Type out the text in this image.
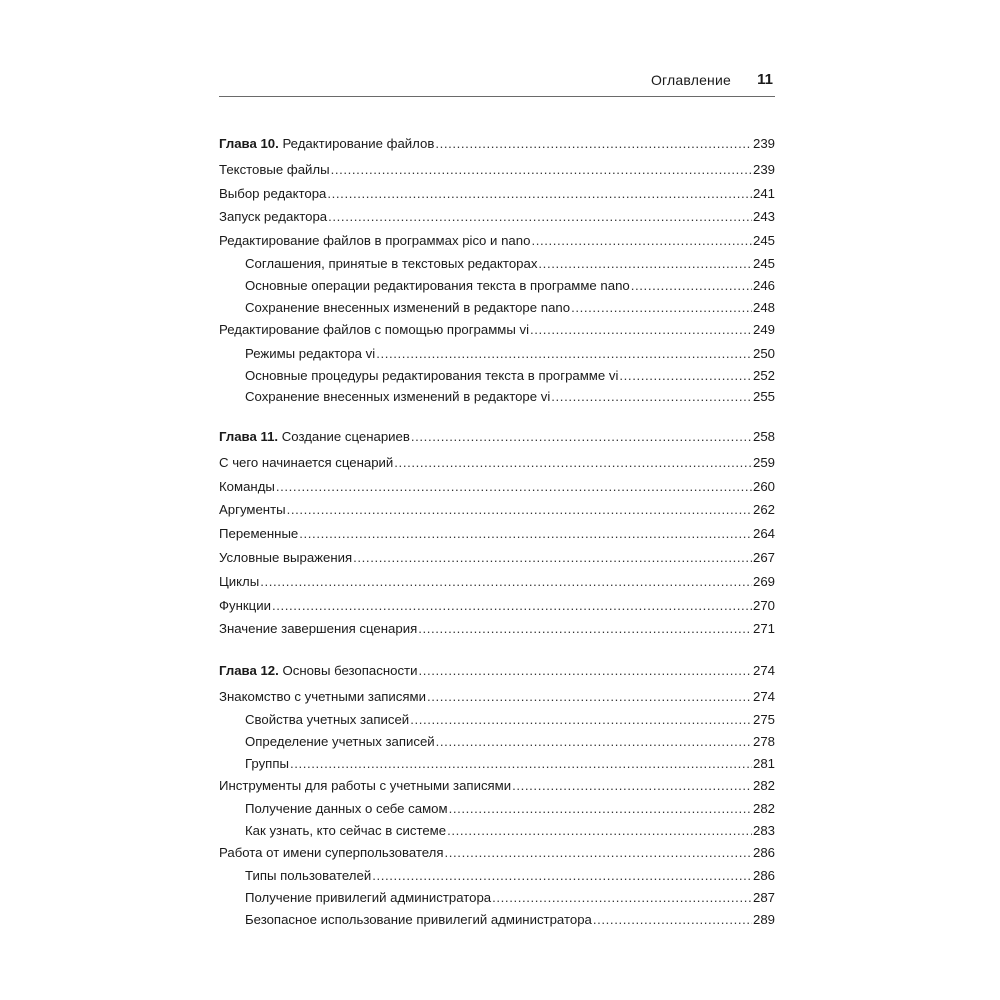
Оглавление 11
Глава 10. Редактирование файлов .....	239
Текстовые файлы .....	239
Выбор редактора .....	241
Запуск редактора .....	243
Редактирование файлов в программах pico и nano .....	245
Соглашения, принятые в текстовых редакторах .....	245
Основные операции редактирования текста в программе nano .....	246
Сохранение внесенных изменений в редакторе nano .....	248
Редактирование файлов с помощью программы vi .....	249
Режимы редактора vi .....	250
Основные процедуры редактирования текста в программе vi .....	252
Сохранение внесенных изменений в редакторе vi .....	255
Глава 11. Создание сценариев .....	258
С чего начинается сценарий .....	259
Команды .....	260
Аргументы .....	262
Переменные .....	264
Условные выражения .....	267
Циклы .....	269
Функции .....	270
Значение завершения сценария .....	271
Глава 12. Основы безопасности .....	274
Знакомство с учетными записями .....	274
Свойства учетных записей .....	275
Определение учетных записей .....	278
Группы .....	281
Инструменты для работы с учетными записями .....	282
Получение данных о себе самом .....	282
Как узнать, кто сейчас в системе .....	283
Работа от имени суперпользователя .....	286
Типы пользователей .....	286
Получение привилегий администратора .....	287
Безопасное использование привилегий администратора .....	289
